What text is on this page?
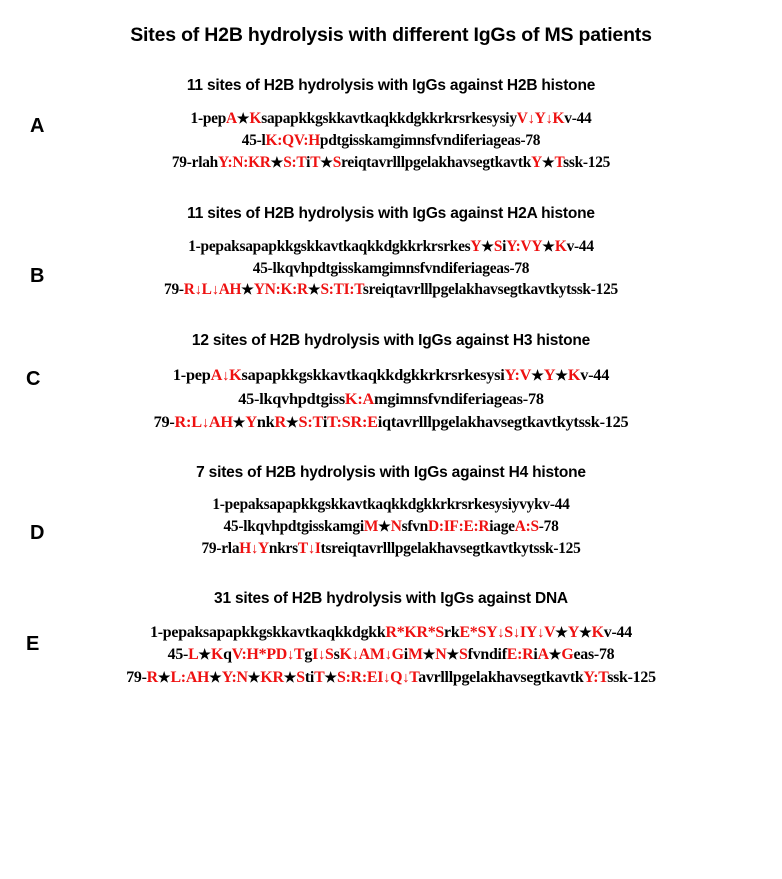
Sites of H2B hydrolysis with different IgGs of MS patients
11 sites of H2B hydrolysis with IgGs against H2B histone
A	1-pepA★KsapapkkgskkavtkaqkkdgkkrkrsrkesysiyV↓Y↓Kv-44
45-lK:QV:Hpdtgisskamgimnsfvndiferiageas-78
79-rlahY:N:KR★S:TiT★SreiqtavrlllpgelakhavsegtkavtkY★Tssk-125
11 sites of H2B hydrolysis with IgGs against H2A histone
B
1-pepaksapapkkgskkavtkaqkkdgkkrkrsrkesY★SiY:VY★Kv-44
45-lkqvhpdtgisskamgimnsfvndiferiageas-78
79-R↓L↓AH★YN:K:R★S:TI:Tsreiqtavrlllpgelakhavsegtkavtkytssk-125
12 sites of H2B hydrolysis with IgGs against H3 histone
C	1-pepA↓KsapapkkgskkavtkaqkkdgkkrkrsrkesysiY:V★Y★Kv-44
45-lkqvhpdtgissK:Amgimnsfvndiferiageas-78
79-R:L↓AH★YnkR★S:TiT:SR:Eiqtavrlllpgelakhavsegtkavtkytssk-125
7 sites of H2B hydrolysis with IgGs against H4 histone
D
1-pepaksapapkkgskkavtkaqkkdgkkrkrsrkesysiyvykv-44
45-lkqvhpdtgisskamgiM★NsfvnD:IF:E:RiageA:S-78
79-rlaH↓YnkrsT↓Itsreiqtavrlllpgelakhavsegtkavtkytssk-125
31 sites of H2B hydrolysis with IgGs against DNA
E
1-pepaksapapkkgskkavtkaqkkdgkkR*KR*SrkE*SY↓S↓IY↓V★Y★Kv-44
45-L★KqV:H*PD↓TgI↓SsK↓AM↓GiM★N★SfvndifE:RiA★Geas-78
79-R★L:AH★Y:N★KR★StiT★S:R:EI↓Q↓TavrlllpgelakhavsegtkavtkY:Tssk-125
